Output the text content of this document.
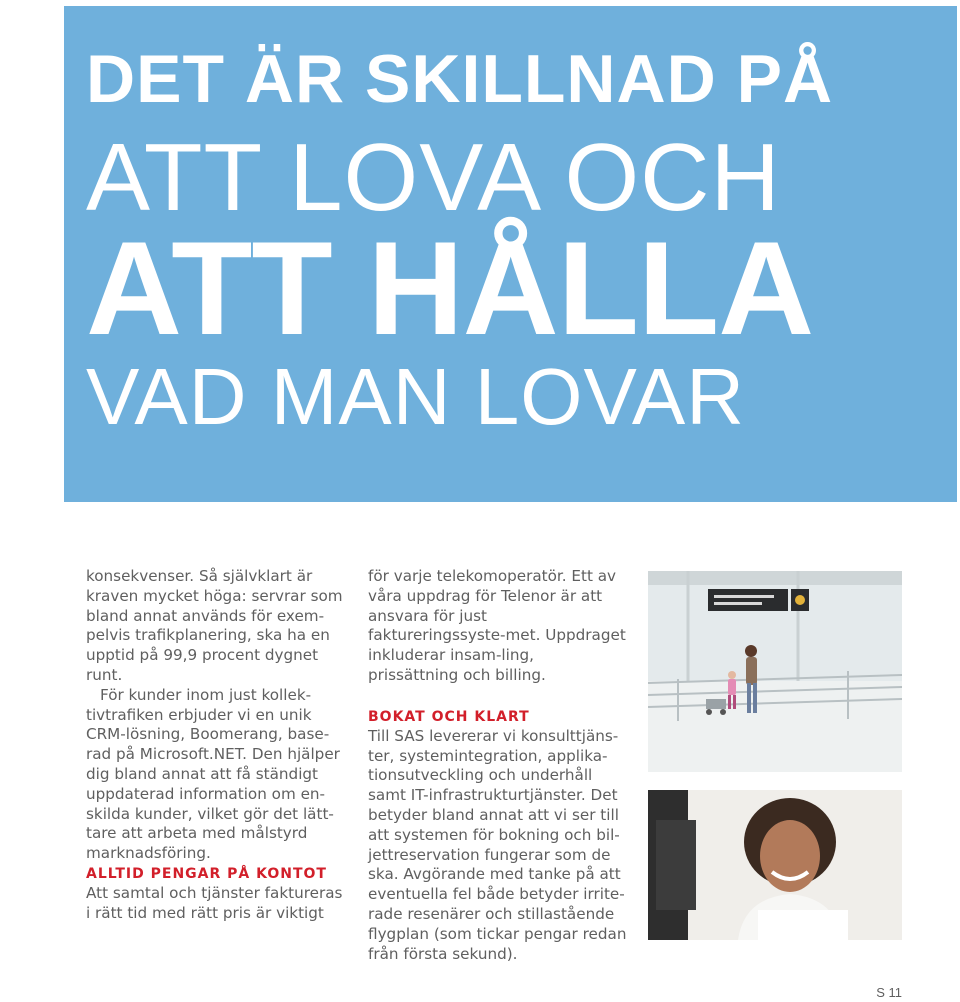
DET ÄR SKILLNAD PÅ
ATT LOVA OCH
ATT HÅLLA
VAD MAN LOVAR

konsekvenser. Så självklart är kraven mycket höga: servrar som bland annat används för exem-pelvis trafikplanering, ska ha en upptid på 99,9 procent dygnet runt.

För kunder inom just kollek-tivtrafiken erbjuder vi en unik CRM-lösning, Boomerang, base-rad på Microsoft.NET. Den hjälper dig bland annat att få ständigt uppdaterad information om en-skilda kunder, vilket gör det lätt-tare att arbeta med målstyrd marknadsföring.

ALLTID PENGAR PÅ KONTOT

Att samtal och tjänster faktureras i rätt tid med rätt pris är viktigt

för varje telekomoperatör. Ett av våra uppdrag för Telenor är att ansvara för just faktureringssyste-met. Uppdraget inkluderar insam-ling, prissättning och billing.

BOKAT OCH KLART

Till SAS levererar vi konsulttjäns-ter, systemintegration, applika-tionsutveckling och underhåll samt IT-infrastrukturtjänster. Det betyder bland annat att vi ser till att systemen för bokning och bil-jettreservation fungerar som de ska. Avgörande med tanke på att eventuella fel både betyder irrite-rade resenärer och stillastående flygplan (som tickar pengar redan från första sekund).

S 11
